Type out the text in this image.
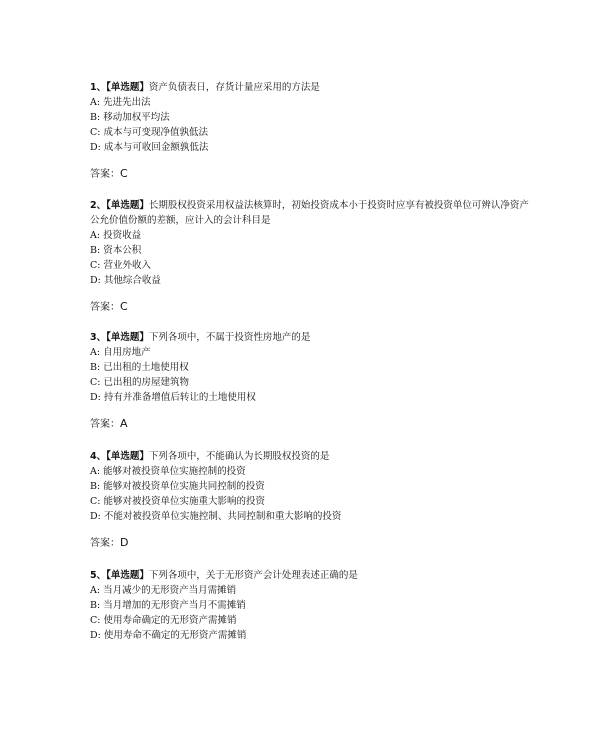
1、【单选题】资产负债表日，存货计量应采用的方法是
A: 先进先出法
B: 移动加权平均法
C: 成本与可变现净值孰低法
D: 成本与可收回金额孰低法
答案：C
2、【单选题】长期股权投资采用权益法核算时，初始投资成本小于投资时应享有被投资单位可辨认净资产公允价值份额的差额，应计入的会计科目是
A: 投资收益
B: 资本公积
C: 营业外收入
D: 其他综合收益
答案：C
3、【单选题】下列各项中，不属于投资性房地产的是
A: 自用房地产
B: 已出租的土地使用权
C: 已出租的房屋建筑物
D: 持有并准备增值后转让的土地使用权
答案：A
4、【单选题】下列各项中，不能确认为长期股权投资的是
A: 能够对被投资单位实施控制的投资
B: 能够对被投资单位实施共同控制的投资
C: 能够对被投资单位实施重大影响的投资
D: 不能对被投资单位实施控制、共同控制和重大影响的投资
答案：D
5、【单选题】下列各项中，关于无形资产会计处理表述正确的是
A: 当月减少的无形资产当月需摊销
B: 当月增加的无形资产当月不需摊销
C: 使用寿命确定的无形资产需摊销
D: 使用寿命不确定的无形资产需摊销
